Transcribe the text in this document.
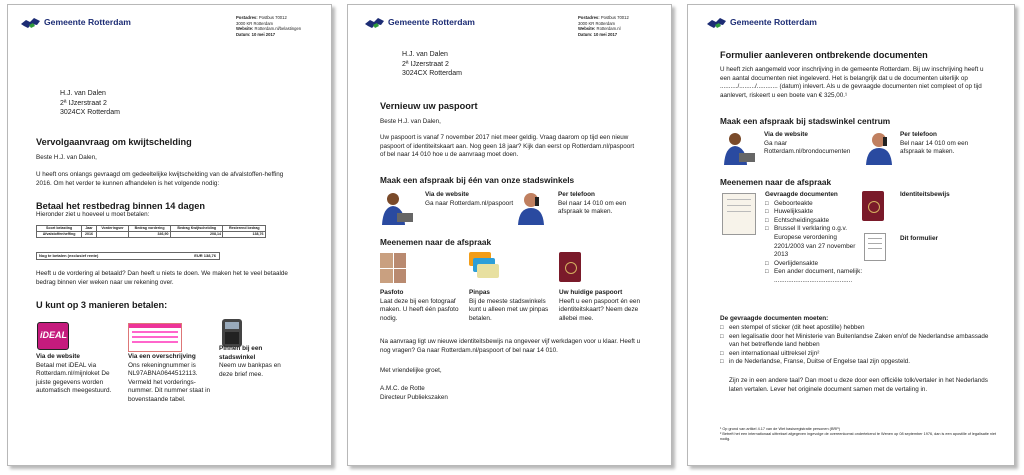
Gemeente Rotterdam	Postadres: Postbus 70012
3000 KR Rotterdam
Website: Rotterdam.nl/belastingen
Datum: 10 mei 2017
H.J. van Dalen
2ª IJzerstraat 2
3024CX Rotterdam
Vervolgaanvraag om kwijtschelding
Beste H.J. van Dalen,
U heeft ons onlangs gevraagd om gedeeltelijke kwijtschelding van de afvalstoffen-heffing 2016. Om het verder te kunnen afhandelen is het volgende nodig:
Betaal het restbedrag binnen 14 dagen
Hieronder ziet u hoeveel u moet betalen:
Soort belasting	Jaar	Vorderingsnr	Bedrag vordering	Bedrag Kwijtschelding	Resterend bedrag
Afvalstoffenheffing	2016		346,90	208,14	138,76
Nog te betalen (exclusief rente)	EUR 138,76
Heeft u de vordering al betaald? Dan heeft u niets te doen. We maken het te veel betaalde bedrag binnen vier weken naar uw rekening over.
U kunt op 3 manieren betalen:
iDEAL
Via de website
Betaal met iDEAL via Rotterdam.nl/mijnloket De juiste gegevens worden automatisch meegestuurd.
Via een overschrijving
Ons rekeningnummer is NL97ABNA0644512113. Vermeld het vorderings-nummer. Dit nummer staat in bovenstaande tabel.
Pinnen bij een stadswinkel
Neem uw bankpas en deze brief mee.
Gemeente Rotterdam	Postadres: Postbus 70012
3000 KR Rotterdam
Website: Rotterdam.nl
Datum: 10 mei 2017
H.J. van Dalen
2ª IJzerstraat 2
3024CX Rotterdam
Vernieuw uw paspoort
Beste H.J. van Dalen,
Uw paspoort is vanaf 7 november 2017 niet meer geldig. Vraag daarom op tijd een nieuw paspoort of identiteitskaart aan. Nog geen 18 jaar? Kijk dan eerst op Rotterdam.nl/paspoort of bel naar 14 010 hoe u de aanvraag moet doen.
Maak een afspraak bij één van onze stadswinkels
Via de website
Ga naar Rotterdam.nl/paspoort
Per telefoon
Bel naar 14 010 om een afspraak te maken.
Meenemen naar de afspraak
Pasfoto
Laat deze bij een fotograaf maken. U heeft één pasfoto nodig.
Pinpas
Bij de meeste stadswinkels kunt u alleen met uw pinpas betalen.
Uw huidige paspoort
Heeft u een paspoort én een identiteitskaart? Neem deze allebei mee.
Na aanvraag ligt uw nieuwe identiteitsbewijs na ongeveer vijf werkdagen voor u klaar. Heeft u nog vragen? Ga naar Rotterdam.nl/paspoort of bel naar 14 010.
Met vriendelijke groet,
A.M.C. de Rotte
Directeur Publiekszaken
Gemeente Rotterdam
Formulier aanleveren ontbrekende documenten
U heeft zich aangemeld voor inschrijving in de gemeente Rotterdam. Bij uw inschrijving heeft u een aantal documenten niet ingeleverd. Het is belangrijk dat u de documenten uiterlijk op ........../........./............ (datum) inlevert. Als u de gevraagde documenten niet compleet of op tijd aanlevert, riskeert u een boete van € 325,00.¹
Maak een afspraak bij stadswinkel centrum
Via de website
Ga naar Rotterdam.nl/brondocumenten
Per telefoon
Bel naar 14 010 om een afspraak te maken.
Meenemen naar de afspraak
Gevraagde documenten
□ Geboorteakte
□ Huwelijksakte
□ Echtscheidingsakte
□ Brussel II verklaring o.g.v. Europese verordening 2201/2003 van 27 november 2013
□ Overlijdensakte
□ Een ander document, namelijk: ............................................
Identiteitsbewijs
Dit formulier
De gevraagde documenten moeten:
□ een stempel of sticker (dit heet apostille) hebben
□ een legalisatie door het Ministerie van Buitenlandse Zaken en/of de Nederlandse ambassade van het betreffende land hebben
□ een internationaal uittreksel zijn²
□ in de Nederlandse, Franse, Duitse of Engelse taal zijn opgesteld.
Zijn ze in een andere taal? Dan moet u deze door een officiële tolk/vertaler in het Nederlands laten vertalen. Lever het originele document samen met de vertaling in.
¹ Op grond van artikel 4.17 van de Wet basisregistratie personen (BRP)
² Betreft het een internationaal uittreksel afgegeven ingevolge de overeenkomst ondertekend te Wenen op 08 september 1976, dan is een apostille of legalisatie niet nodig.
